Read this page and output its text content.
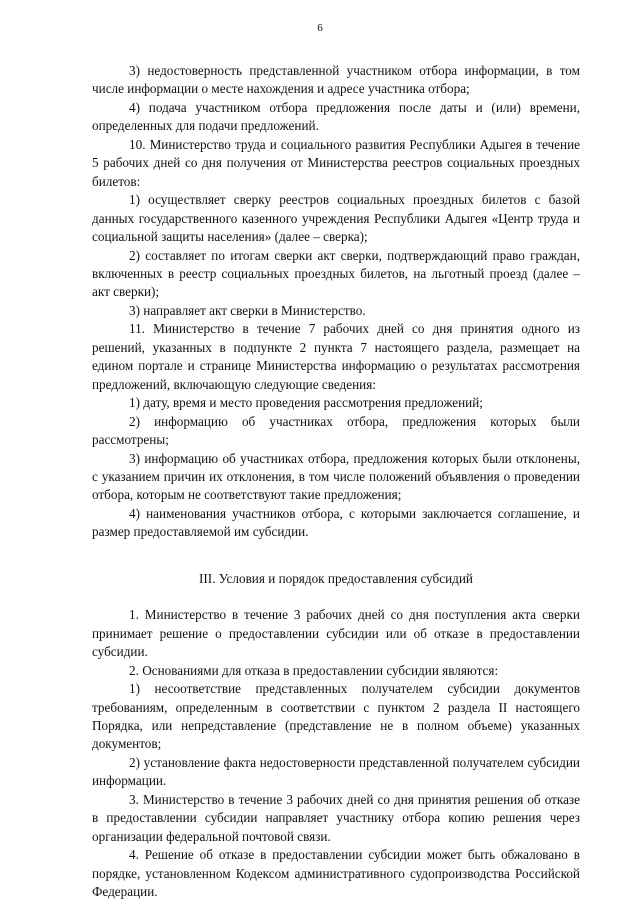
6

3) недостоверность представленной участником отбора информации, в том числе информации о месте нахождения и адресе участника отбора;

4) подача участником отбора предложения после даты и (или) времени, определенных для подачи предложений.

10. Министерство труда и социального развития Республики Адыгея в течение 5 рабочих дней со дня получения от Министерства реестров социальных проездных билетов:

1) осуществляет сверку реестров социальных проездных билетов с базой данных государственного казенного учреждения Республики Адыгея «Центр труда и социальной защиты населения» (далее – сверка);

2) составляет по итогам сверки акт сверки, подтверждающий право граждан, включенных в реестр социальных проездных билетов, на льготный проезд (далее – акт сверки);

3) направляет акт сверки в Министерство.

11. Министерство в течение 7 рабочих дней со дня принятия одного из решений, указанных в подпункте 2 пункта 7 настоящего раздела, размещает на едином портале и странице Министерства информацию о результатах рассмотрения предложений, включающую следующие сведения:

1) дату, время и место проведения рассмотрения предложений;

2) информацию об участниках отбора, предложения которых были рассмотрены;

3) информацию об участниках отбора, предложения которых были отклонены, с указанием причин их отклонения, в том числе положений объявления о проведении отбора, которым не соответствуют такие предложения;

4) наименования участников отбора, с которыми заключается соглашение, и размер предоставляемой им субсидии.

III. Условия и порядок предоставления субсидий

1. Министерство в течение 3 рабочих дней со дня поступления акта сверки принимает решение о предоставлении субсидии или об отказе в предоставлении субсидии.

2. Основаниями для отказа в предоставлении субсидии являются:

1) несоответствие представленных получателем субсидии документов требованиям, определенным в соответствии с пунктом 2 раздела II настоящего Порядка, или непредставление (представление не в полном объеме) указанных документов;

2) установление факта недостоверности представленной получателем субсидии информации.

3. Министерство в течение 3 рабочих дней со дня принятия решения об отказе в предоставлении субсидии направляет участнику отбора копию решения через организации федеральной почтовой связи.

4. Решение об отказе в предоставлении субсидии может быть обжаловано в порядке, установленном Кодексом административного судопроизводства Российской Федерации.
